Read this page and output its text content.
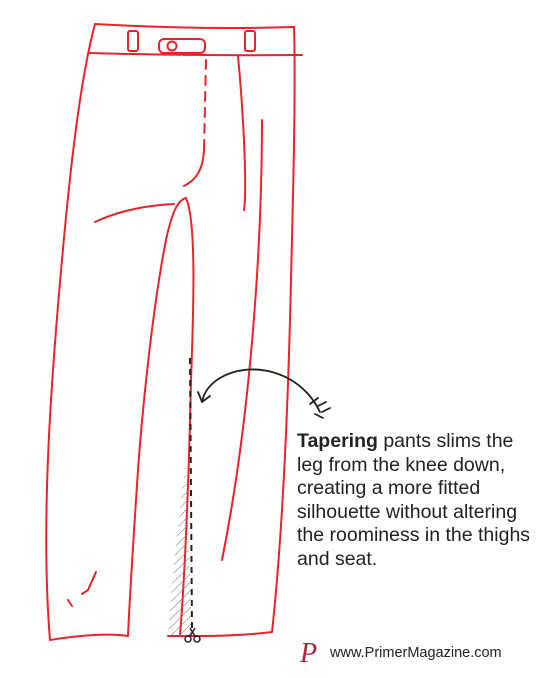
Tapering pants slims the leg from the knee down, creating a more fitted silhouette without altering the roominess in the thighs and seat.
P www.PrimerMagazine.com
